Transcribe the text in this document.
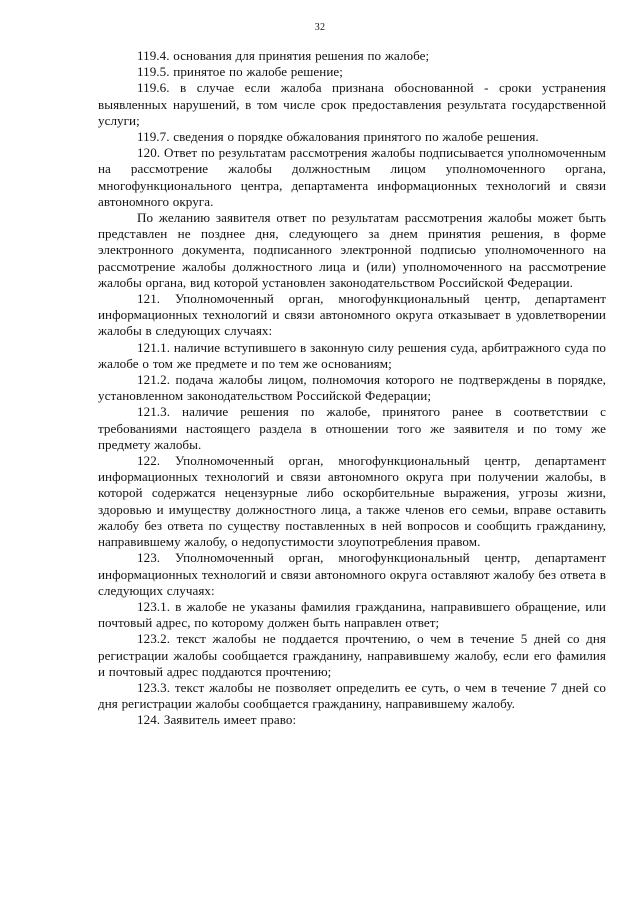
32

119.4. основания для принятия решения по жалобе;

119.5. принятое по жалобе решение;

119.6. в случае если жалоба признана обоснованной - сроки устранения выявленных нарушений, в том числе срок предоставления результата государственной услуги;

119.7. сведения о порядке обжалования принятого по жалобе решения.

120. Ответ по результатам рассмотрения жалобы подписывается уполномоченным на рассмотрение жалобы должностным лицом уполномоченного органа, многофункционального центра, департамента информационных технологий и связи автономного округа.

По желанию заявителя ответ по результатам рассмотрения жалобы может быть представлен не позднее дня, следующего за днем принятия решения, в форме электронного документа, подписанного электронной подписью уполномоченного на рассмотрение жалобы должностного лица и (или) уполномоченного на рассмотрение жалобы органа, вид которой установлен законодательством Российской Федерации.

121. Уполномоченный орган, многофункциональный центр, департамент информационных технологий и связи автономного округа отказывает в удовлетворении жалобы в следующих случаях:

121.1. наличие вступившего в законную силу решения суда, арбитражного суда по жалобе о том же предмете и по тем же основаниям;

121.2. подача жалобы лицом, полномочия которого не подтверждены в порядке, установленном законодательством Российской Федерации;

121.3. наличие решения по жалобе, принятого ранее в соответствии с требованиями настоящего раздела в отношении того же заявителя и по тому же предмету жалобы.

122. Уполномоченный орган, многофункциональный центр, департамент информационных технологий и связи автономного округа при получении жалобы, в которой содержатся нецензурные либо оскорбительные выражения, угрозы жизни, здоровью и имуществу должностного лица, а также членов его семьи, вправе оставить жалобу без ответа по существу поставленных в ней вопросов и сообщить гражданину, направившему жалобу, о недопустимости злоупотребления правом.

123. Уполномоченный орган, многофункциональный центр, департамент информационных технологий и связи автономного округа оставляют жалобу без ответа в следующих случаях:

123.1. в жалобе не указаны фамилия гражданина, направившего обращение, или почтовый адрес, по которому должен быть направлен ответ;

123.2. текст жалобы не поддается прочтению, о чем в течение 5 дней со дня регистрации жалобы сообщается гражданину, направившему жалобу, если его фамилия и почтовый адрес поддаются прочтению;

123.3. текст жалобы не позволяет определить ее суть, о чем в течение 7 дней со дня регистрации жалобы сообщается гражданину, направившему жалобу.

124. Заявитель имеет право:
